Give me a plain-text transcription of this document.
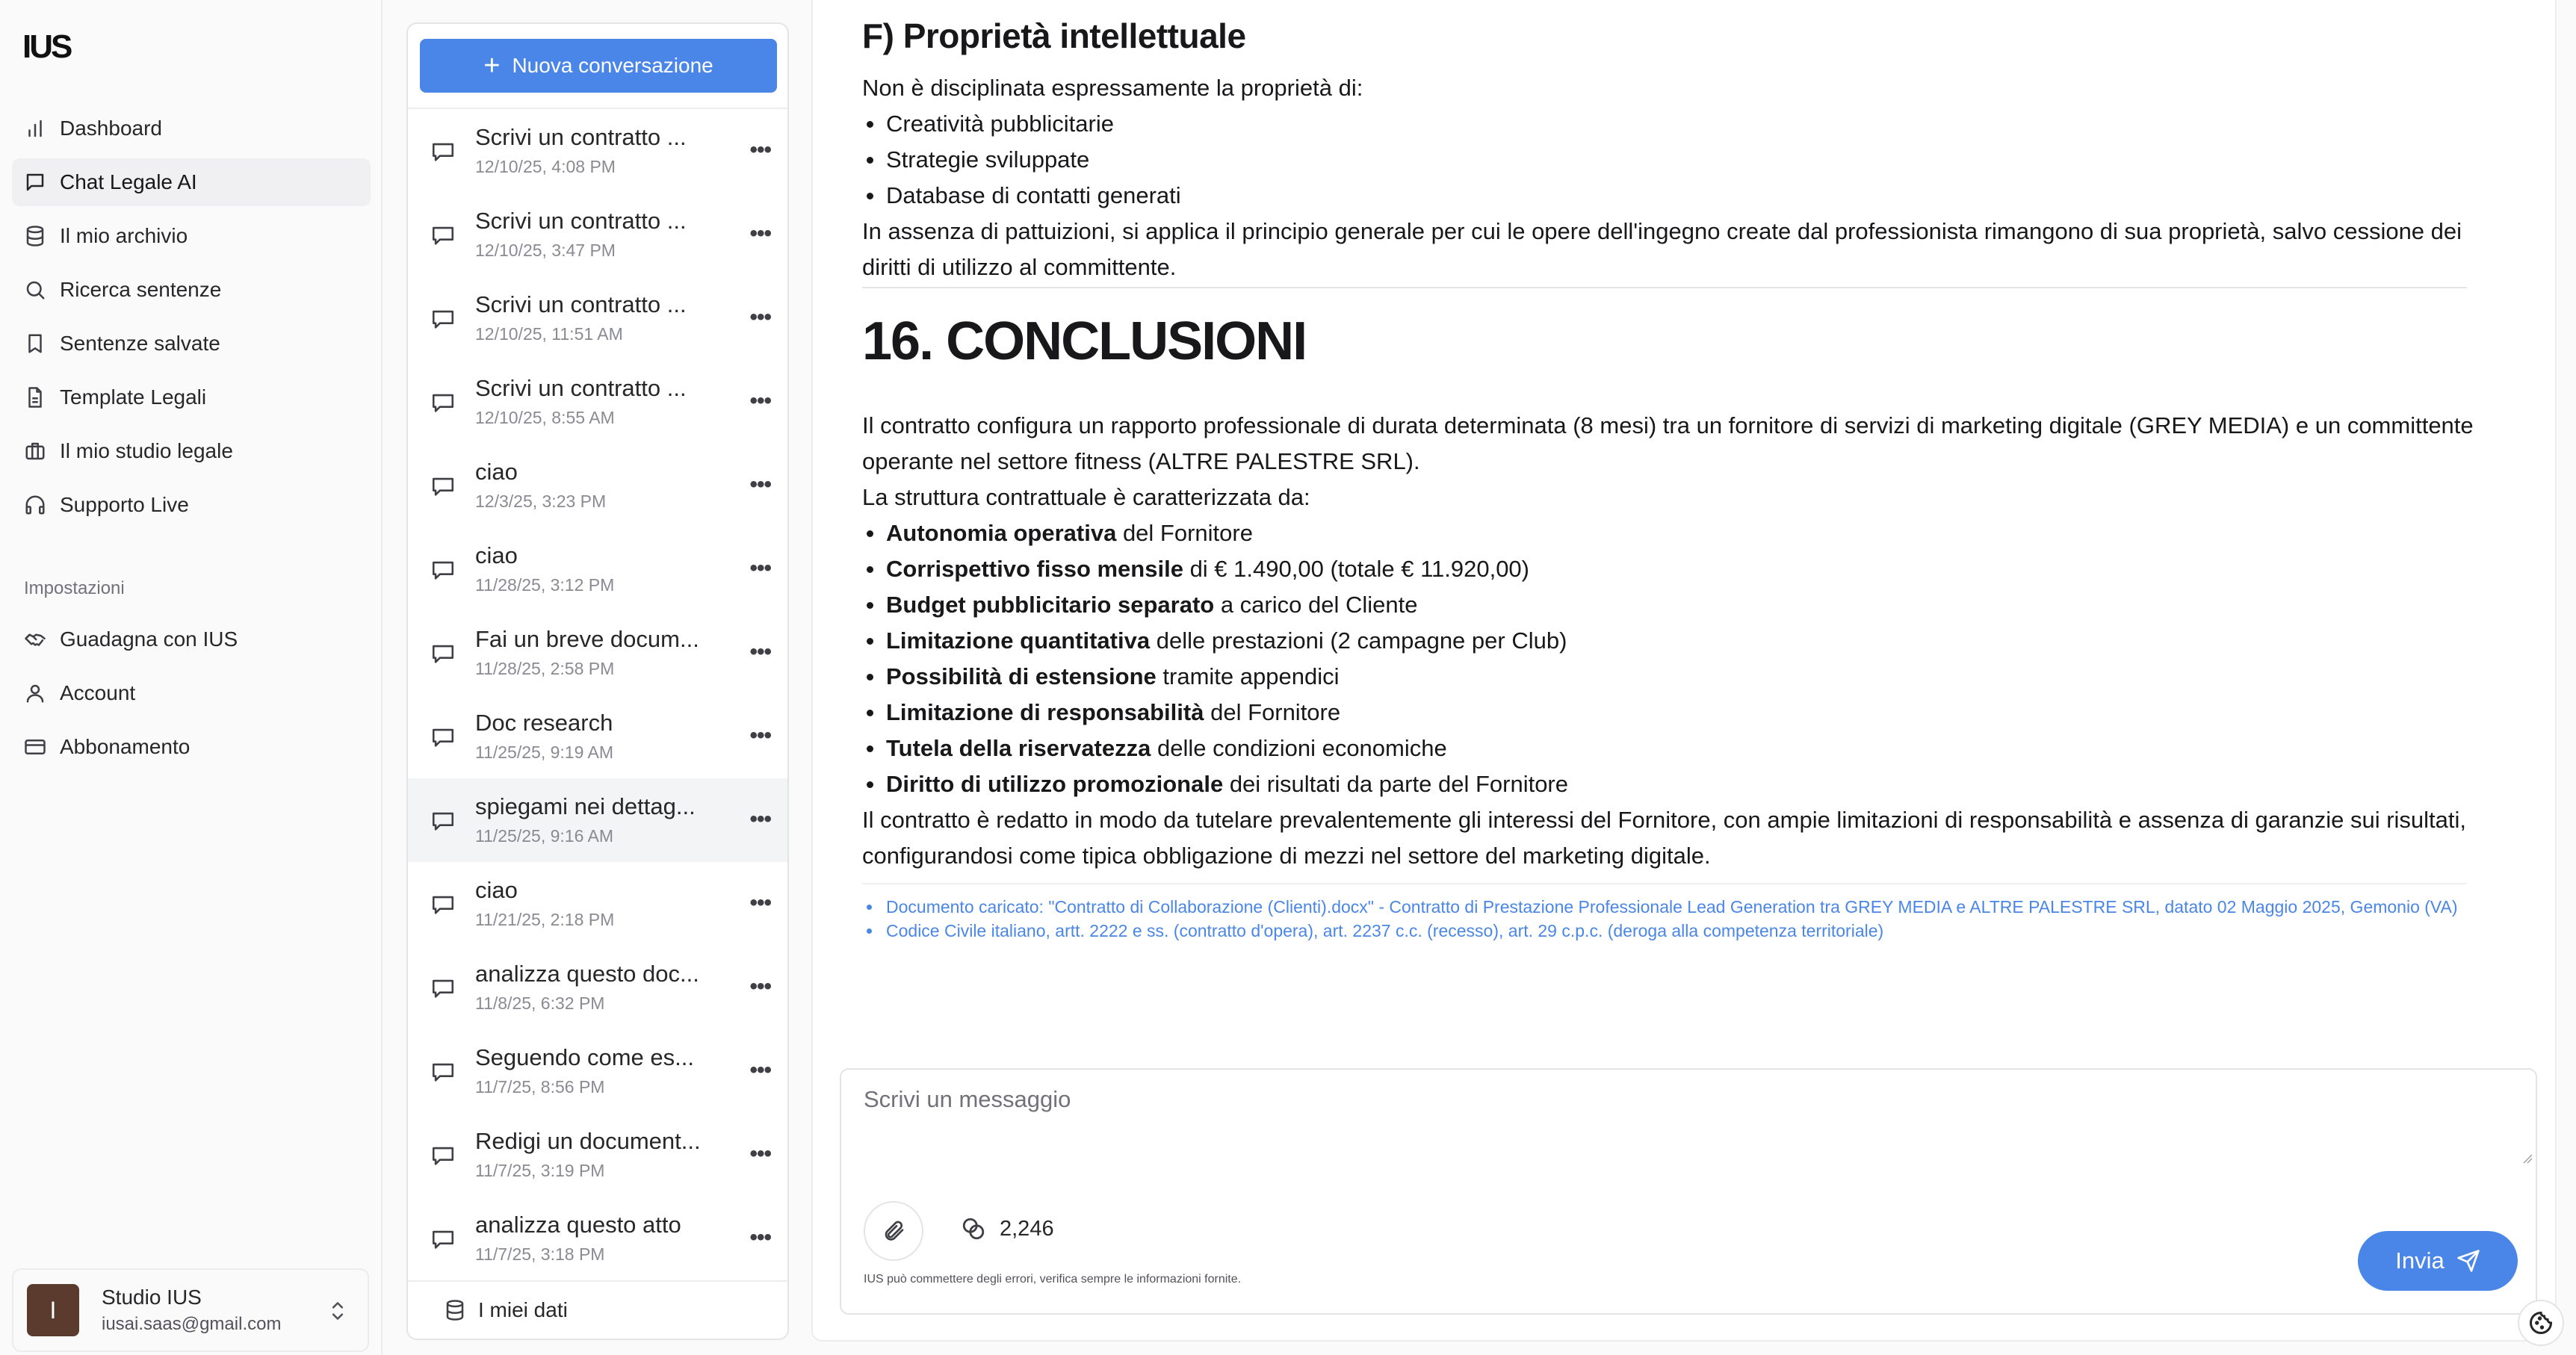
IUS
Dashboard
Chat Legale AI
Il mio archivio
Ricerca sentenze
Sentenze salvate
Template Legali
Il mio studio legale
Supporto Live
Impostazioni
Guadagna con IUS
Account
Abbonamento
I	Studio IUS
iusai.saas@gmail.com
+ Nuova conversazione
Scrivi un contratto ...
12/10/25, 4:08 PM
•••
Scrivi un contratto ...
12/10/25, 3:47 PM
•••
Scrivi un contratto ...
12/10/25, 11:51 AM
•••
Scrivi un contratto ...
12/10/25, 8:55 AM
•••
ciao
12/3/25, 3:23 PM
•••
ciao
11/28/25, 3:12 PM
•••
Fai un breve docum...
11/28/25, 2:58 PM
•••
Doc research
11/25/25, 9:19 AM
•••
spiegami nei dettag...
11/25/25, 9:16 AM
•••
ciao
11/21/25, 2:18 PM
•••
analizza questo doc...
11/8/25, 6:32 PM
•••
Seguendo come es...
11/7/25, 8:56 PM
•••
Redigi un document...
11/7/25, 3:19 PM
•••
analizza questo atto
11/7/25, 3:18 PM
•••
I miei dati
F) Proprietà intellettuale

Non è disciplinata espressamente la proprietà di:

Creatività pubblicitarie
Strategie sviluppate
Database di contatti generati

In assenza di pattuizioni, si applica il principio generale per cui le opere dell'ingegno create dal professionista rimangono di sua proprietà, salvo cessione dei diritti di utilizzo al committente.

16. CONCLUSIONI

Il contratto configura un rapporto professionale di durata determinata (8 mesi) tra un fornitore di servizi di marketing digitale (GREY MEDIA) e un committente operante nel settore fitness (ALTRE PALESTRE SRL).

La struttura contrattuale è caratterizzata da:

Autonomia operativa del Fornitore
Corrispettivo fisso mensile di € 1.490,00 (totale € 11.920,00)
Budget pubblicitario separato a carico del Cliente
Limitazione quantitativa delle prestazioni (2 campagne per Club)
Possibilità di estensione tramite appendici
Limitazione di responsabilità del Fornitore
Tutela della riservatezza delle condizioni economiche
Diritto di utilizzo promozionale dei risultati da parte del Fornitore

Il contratto è redatto in modo da tutelare prevalentemente gli interessi del Fornitore, con ampie limitazioni di responsabilità e assenza di garanzie sui risultati, configurandosi come tipica obbligazione di mezzi nel settore del marketing digitale.

Documento caricato: "Contratto di Collaborazione (Clienti).docx" - Contratto di Prestazione Professionale Lead Generation tra GREY MEDIA e ALTRE PALESTRE SRL, datato 02 Maggio 2025, Gemonio (VA)
Codice Civile italiano, artt. 2222 e ss. (contratto d'opera), art. 2237 c.c. (recesso), art. 29 c.p.c. (deroga alla competenza territoriale)
Scrivi un messaggio
2,246
IUS può commettere degli errori, verifica sempre le informazioni fornite.
Invia
